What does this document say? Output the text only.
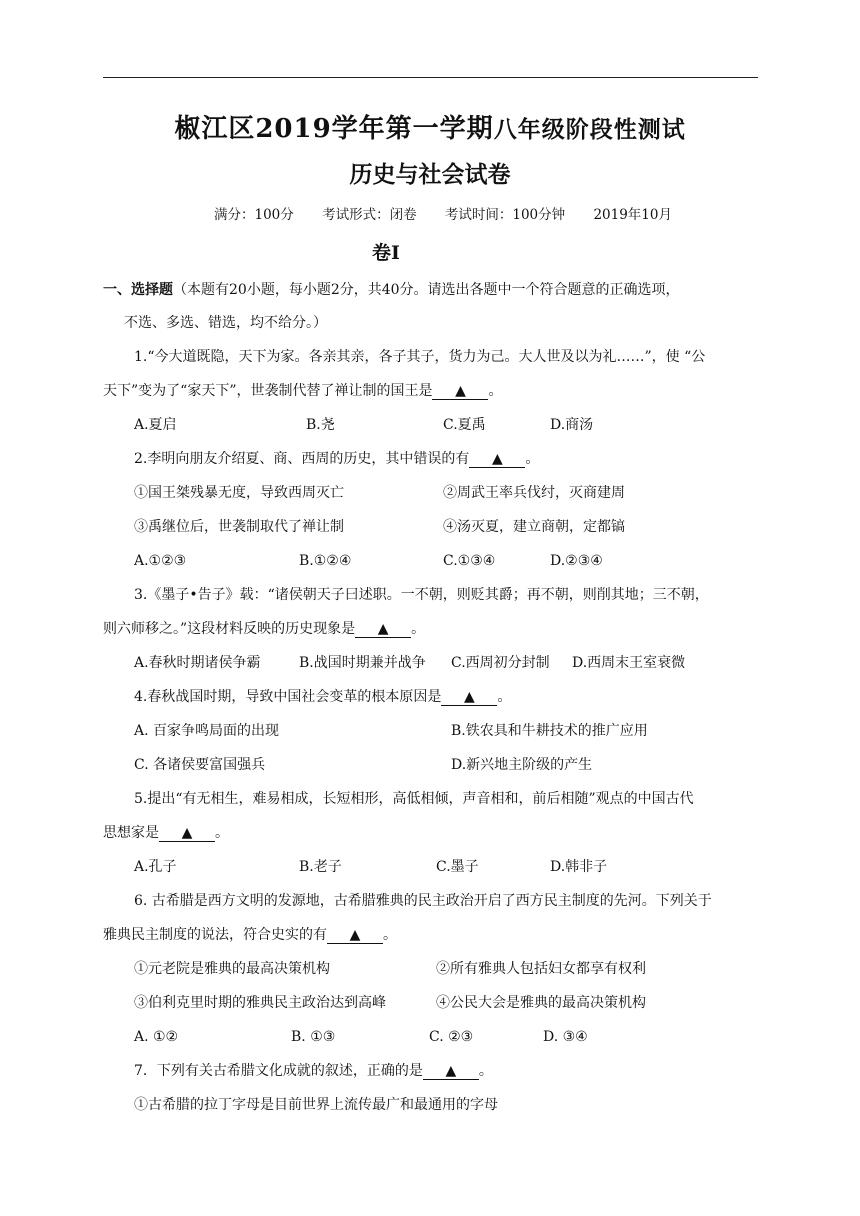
椒江区2019学年第一学期八年级阶段性测试
历史与社会试卷
满分：100分 考试形式：闭卷 考试时间：100分钟 2019年10月
卷Ⅰ
一、选择题（本题有20小题，每小题2分，共40分。请选出各题中一个符合题意的正确选项，
不选、多选、错选，均不给分。）
1.“今大道既隐，天下为家。各亲其亲，各子其子，货力为己。大人世及以为礼……”，使 “公
天下”变为了“家天下”，世袭制代替了禅让制的国王是 ▲ 。
A.夏启	B.尧	C.夏禹	D.商汤
2.李明向朋友介绍夏、商、西周的历史，其中错误的有 ▲ 。
①国王桀残暴无度，导致西周灭亡	②周武王率兵伐纣，灭商建周
③禹继位后，世袭制取代了禅让制	④汤灭夏，建立商朝，定都镐
A.①②③	B.①②④	C.①③④	D.②③④
3.《墨子•告子》载：“诸侯朝天子曰述职。一不朝，则贬其爵；再不朝，则削其地；三不朝，
则六师移之。”这段材料反映的历史现象是 ▲ 。
A.春秋时期诸侯争霸	B.战国时期兼并战争 C.西周初分封制 D.西周末王室衰微
4.春秋战国时期，导致中国社会变革的根本原因是 ▲ 。
A. 百家争鸣局面的出现	B.铁农具和牛耕技术的推广应用
C. 各诸侯要富国强兵	D.新兴地主阶级的产生
5.提出“有无相生，难易相成，长短相形，高低相倾，声音相和，前后相随”观点的中国古代
思想家是 ▲ 。
A.孔子	B.老子	C.墨子	D.韩非子
6. 古希腊是西方文明的发源地，古希腊雅典的民主政治开启了西方民主制度的先河。下列关于
雅典民主制度的说法，符合史实的有 ▲ 。
①元老院是雅典的最高决策机构	②所有雅典人包括妇女都享有权利
③伯利克里时期的雅典民主政治达到高峰	④公民大会是雅典的最高决策机构
A. ①②	B. ①③	C. ②③	D. ③④
7．下列有关古希腊文化成就的叙述，正确的是 ▲ 。
①古希腊的拉丁字母是目前世界上流传最广和最通用的字母
